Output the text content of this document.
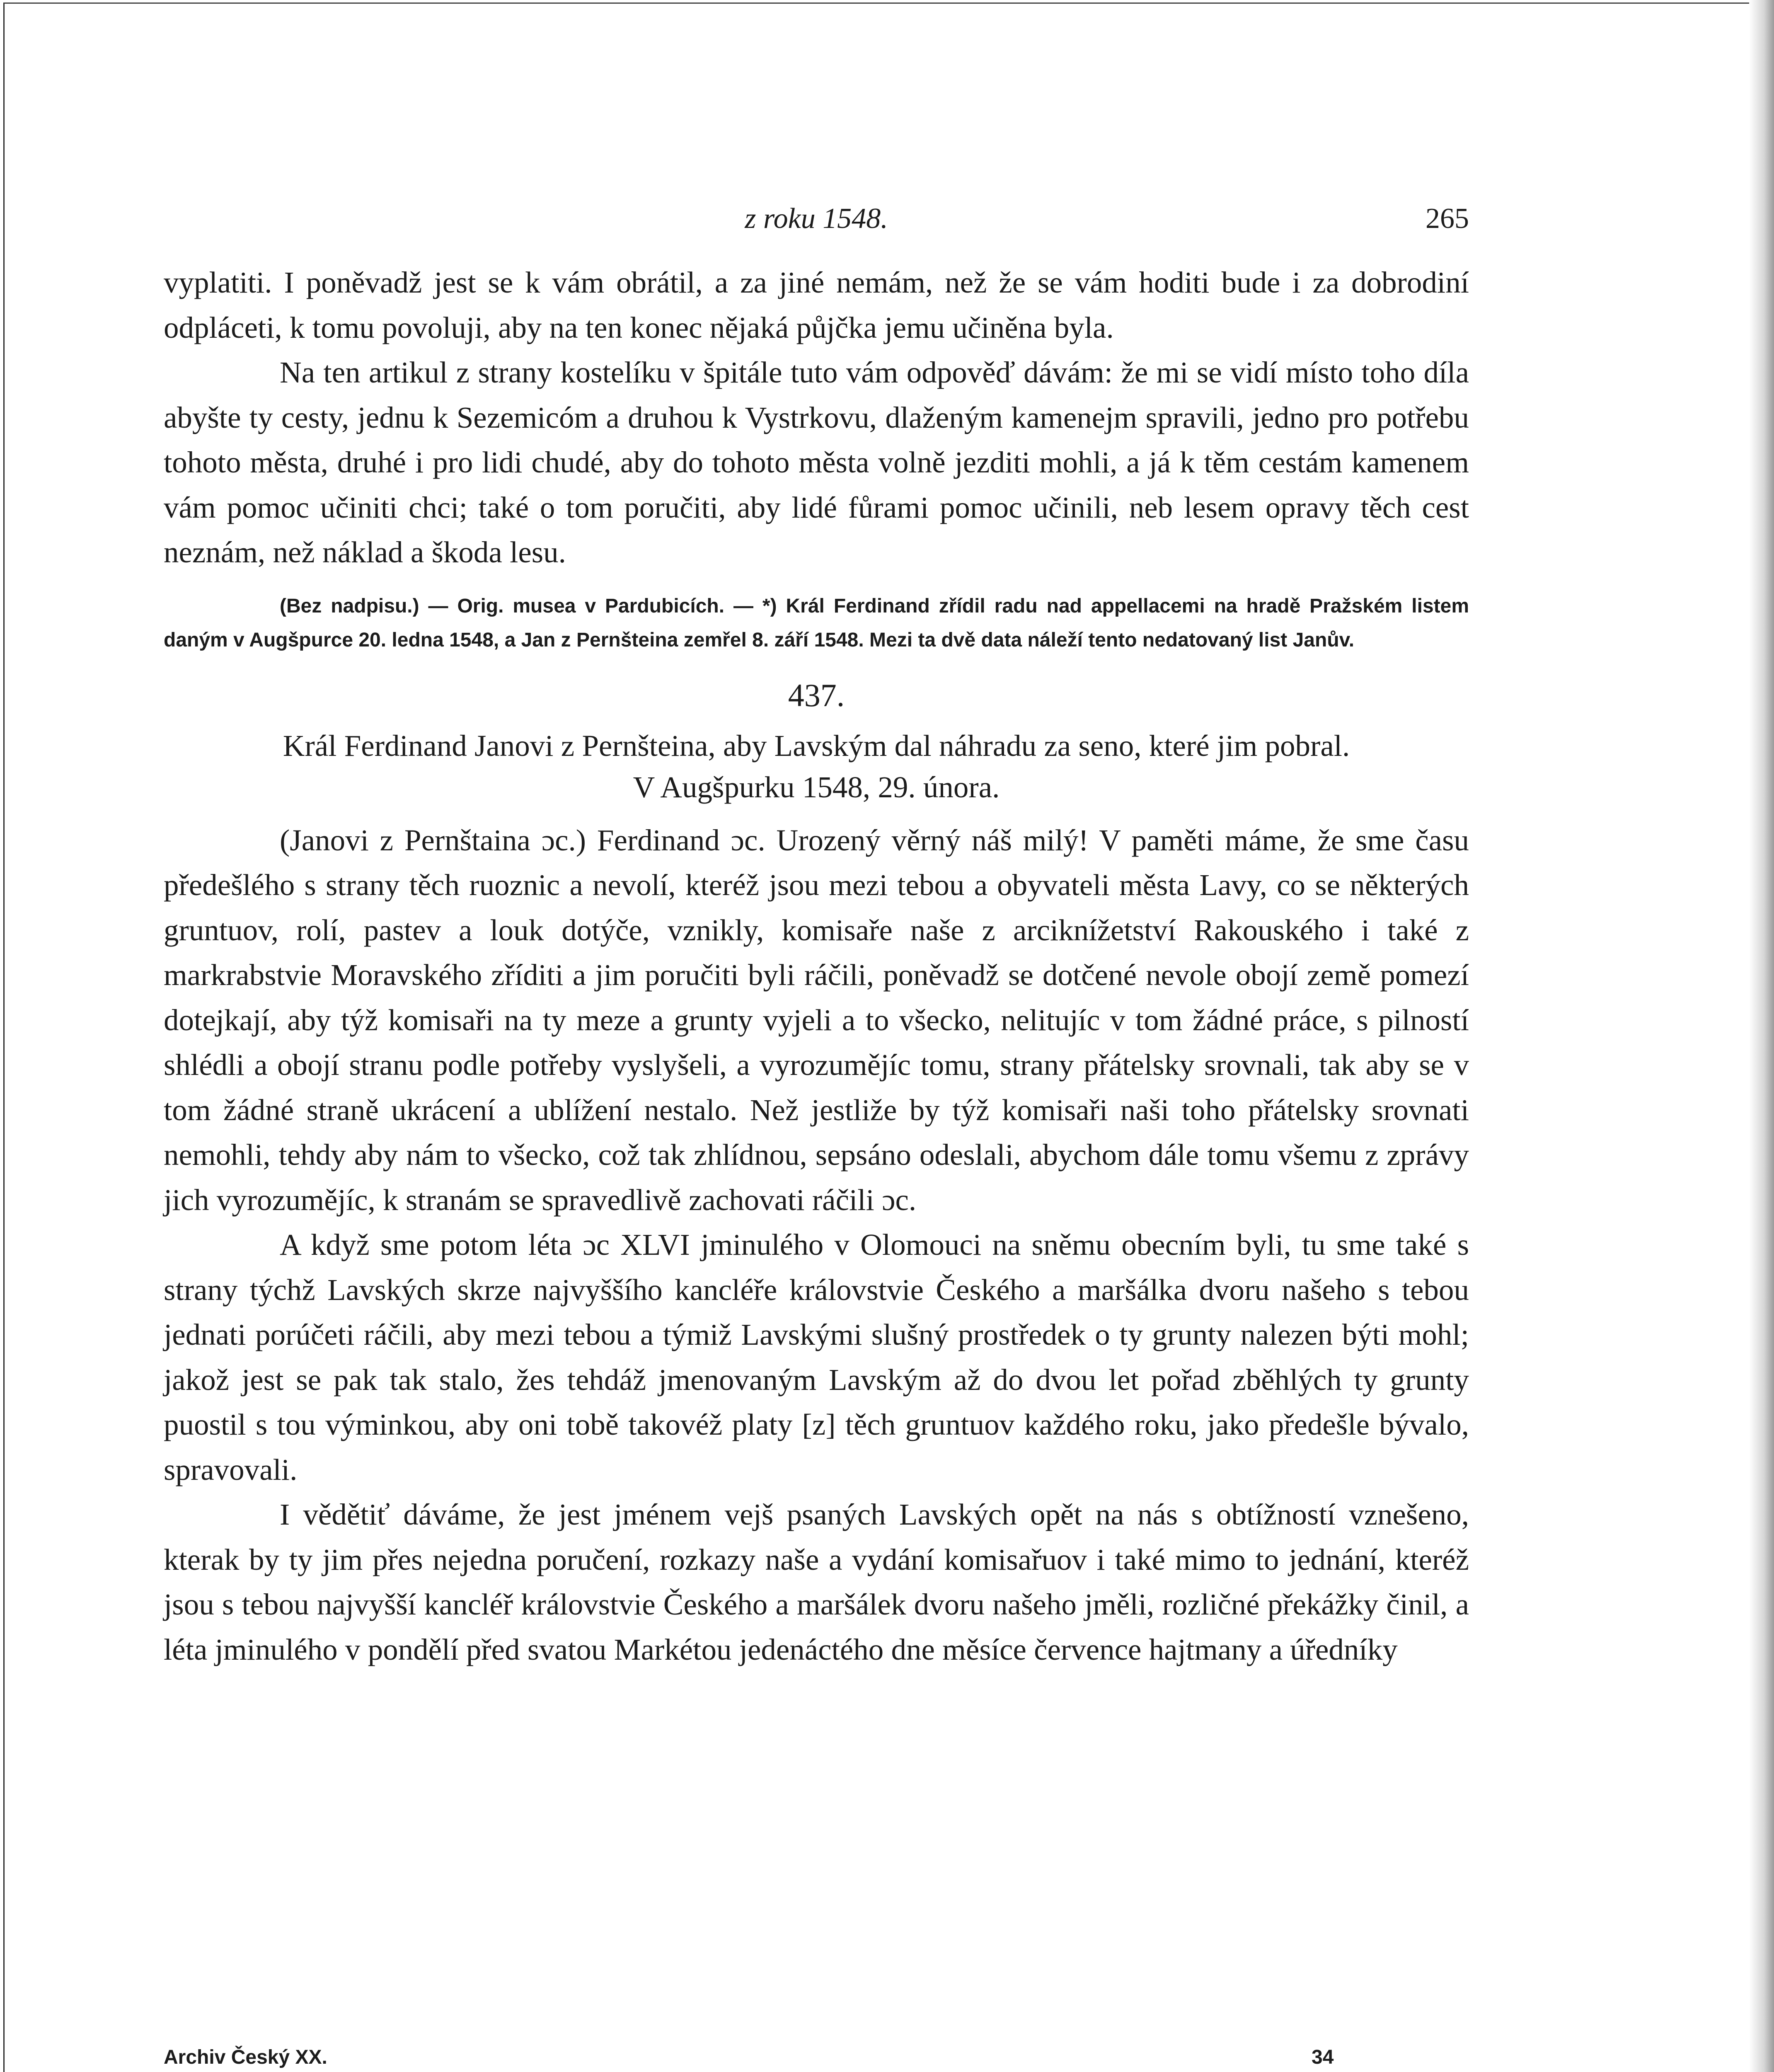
z roku 1548.	265

vyplatiti. I poněvadž jest se k vám obrátil, a za jiné nemám, než že se vám hoditi bude i za dobrodiní odpláceti, k tomu povoluji, aby na ten konec nějaká půjčka jemu učiněna byla.

Na ten artikul z strany kostelíku v špitále tuto vám odpověď dávám: že mi se vidí místo toho díla abyšte ty cesty, jednu k Sezemicóm a druhou k Vystrkovu, dlaženým kamenejm spravili, jedno pro potřebu tohoto města, druhé i pro lidi chudé, aby do tohoto města volně jezditi mohli, a já k těm cestám kamenem vám pomoc učiniti chci; také o tom poručiti, aby lidé fůrami pomoc učinili, neb lesem opravy těch cest neznám, než náklad a škoda lesu.

(Bez nadpisu.) — Orig. musea v Pardubicích. — *) Král Ferdinand zřídil radu nad appellacemi na hradě Pražském listem daným v Augšpurce 20. ledna 1548, a Jan z Pernšteina zemřel 8. září 1548. Mezi ta dvě data náleží tento nedatovaný list Janův.

437.
Král Ferdinand Janovi z Pernšteina, aby Lavským dal náhradu za seno, které jim pobral.
V Augšpurku 1548, 29. února.

(Janovi z Pernštaina ɔc.) Ferdinand ɔc. Urozený věrný náš milý! V paměti máme, že sme času předešlého s strany těch ruoznic a nevolí, kteréž jsou mezi tebou a obyvateli města Lavy, co se některých gruntuov, rolí, pastev a louk dotýče, vznikly, komisaře naše z arciknížetství Rakouského i také z markrabstvie Moravského zříditi a jim poručiti byli ráčili, poněvadž se dotčené nevole obojí země pomezí dotejkají, aby týž komisaři na ty meze a grunty vyjeli a to všecko, nelitujíc v tom žádné práce, s pilností shlédli a obojí stranu podle potřeby vyslyšeli, a vyrozumějíc tomu, strany přátelsky srovnali, tak aby se v tom žádné straně ukrácení a ublížení nestalo. Než jestliže by týž komisaři naši toho přátelsky srovnati nemohli, tehdy aby nám to všecko, což tak zhlídnou, sepsáno odeslali, abychom dále tomu všemu z zprávy jich vyrozumějíc, k stranám se spravedlivě zachovati ráčili ɔc.

A když sme potom léta ɔc XLVI jminulého v Olomouci na sněmu obecním byli, tu sme také s strany týchž Lavských skrze najvyššího kancléře královstvie Českého a maršálka dvoru našeho s tebou jednati porúčeti ráčili, aby mezi tebou a týmiž Lavskými slušný prostředek o ty grunty nalezen býti mohl; jakož jest se pak tak stalo, žes tehdáž jmenovaným Lavským až do dvou let pořad zběhlých ty grunty puostil s tou výminkou, aby oni tobě takovéž platy [z] těch gruntuov každého roku, jako předešle bývalo, spravovali.

I vědětiť dáváme, že jest jménem vejš psaných Lavských opět na nás s obtížností vznešeno, kterak by ty jim přes nejedna poručení, rozkazy naše a vydání komisařuov i také mimo to jednání, kteréž jsou s tebou najvyšší kancléř královstvie Českého a maršálek dvoru našeho jměli, rozličné překážky činil, a léta jminulého v pondělí před svatou Markétou jedenáctého dne měsíce července hajtmany a úředníky

Archiv Český XX.	34
